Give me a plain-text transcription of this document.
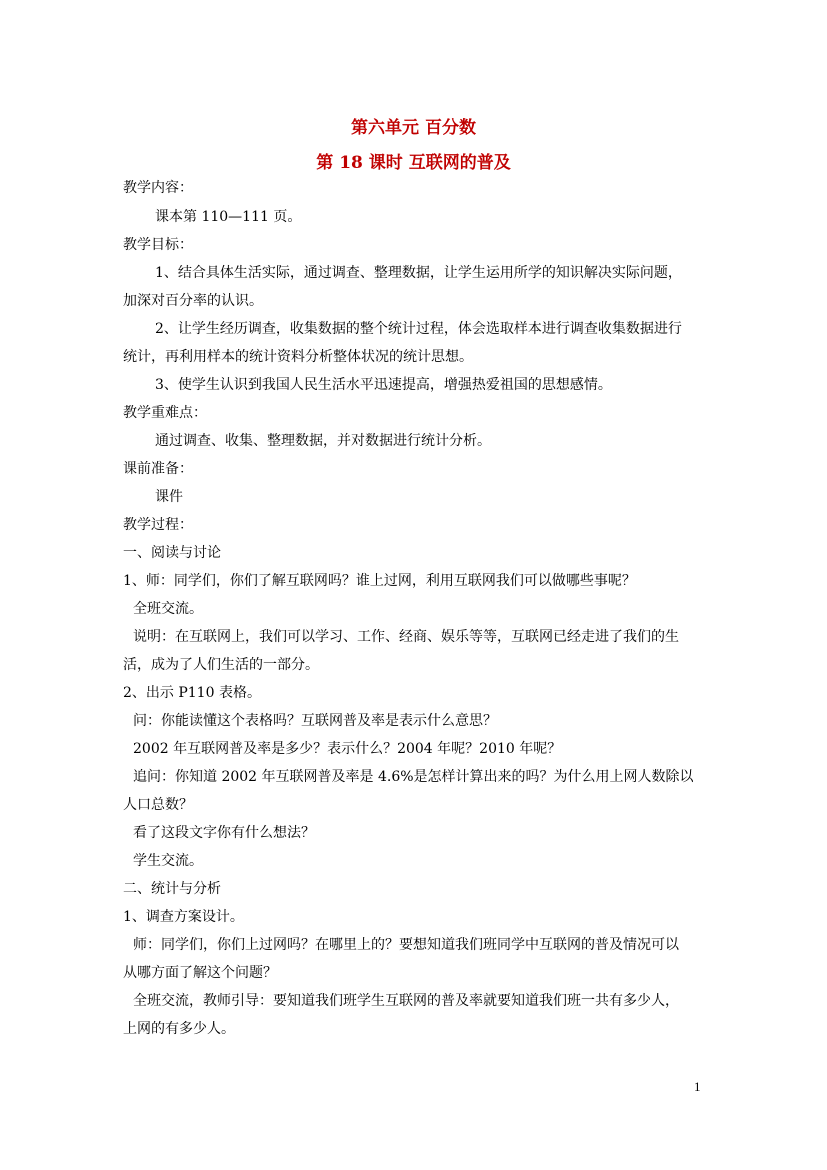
第六单元 百分数
第 18 课时 互联网的普及
教学内容：
课本第 110—111 页。
教学目标：
1、结合具体生活实际，通过调查、整理数据，让学生运用所学的知识解决实际问题，
加深对百分率的认识。
2、让学生经历调查，收集数据的整个统计过程，体会选取样本进行调查收集数据进行
统计，再利用样本的统计资料分析整体状况的统计思想。
3、使学生认识到我国人民生活水平迅速提高，增强热爱祖国的思想感情。
教学重难点：
通过调查、收集、整理数据，并对数据进行统计分析。
课前准备：
课件
教学过程：
一、阅读与讨论
1、师：同学们，你们了解互联网吗？谁上过网，利用互联网我们可以做哪些事呢？
全班交流。
说明：在互联网上，我们可以学习、工作、经商、娱乐等等，互联网已经走进了我们的生
活，成为了人们生活的一部分。
2、出示 P110 表格。
问：你能读懂这个表格吗？互联网普及率是表示什么意思？
2002 年互联网普及率是多少？表示什么？2004 年呢？2010 年呢？
追问：你知道 2002 年互联网普及率是 4.6%是怎样计算出来的吗？为什么用上网人数除以
人口总数？
看了这段文字你有什么想法？
学生交流。
二、统计与分析
1、调查方案设计。
师：同学们，你们上过网吗？在哪里上的？要想知道我们班同学中互联网的普及情况可以
从哪方面了解这个问题？
全班交流，教师引导：要知道我们班学生互联网的普及率就要知道我们班一共有多少人，
上网的有多少人。
1
